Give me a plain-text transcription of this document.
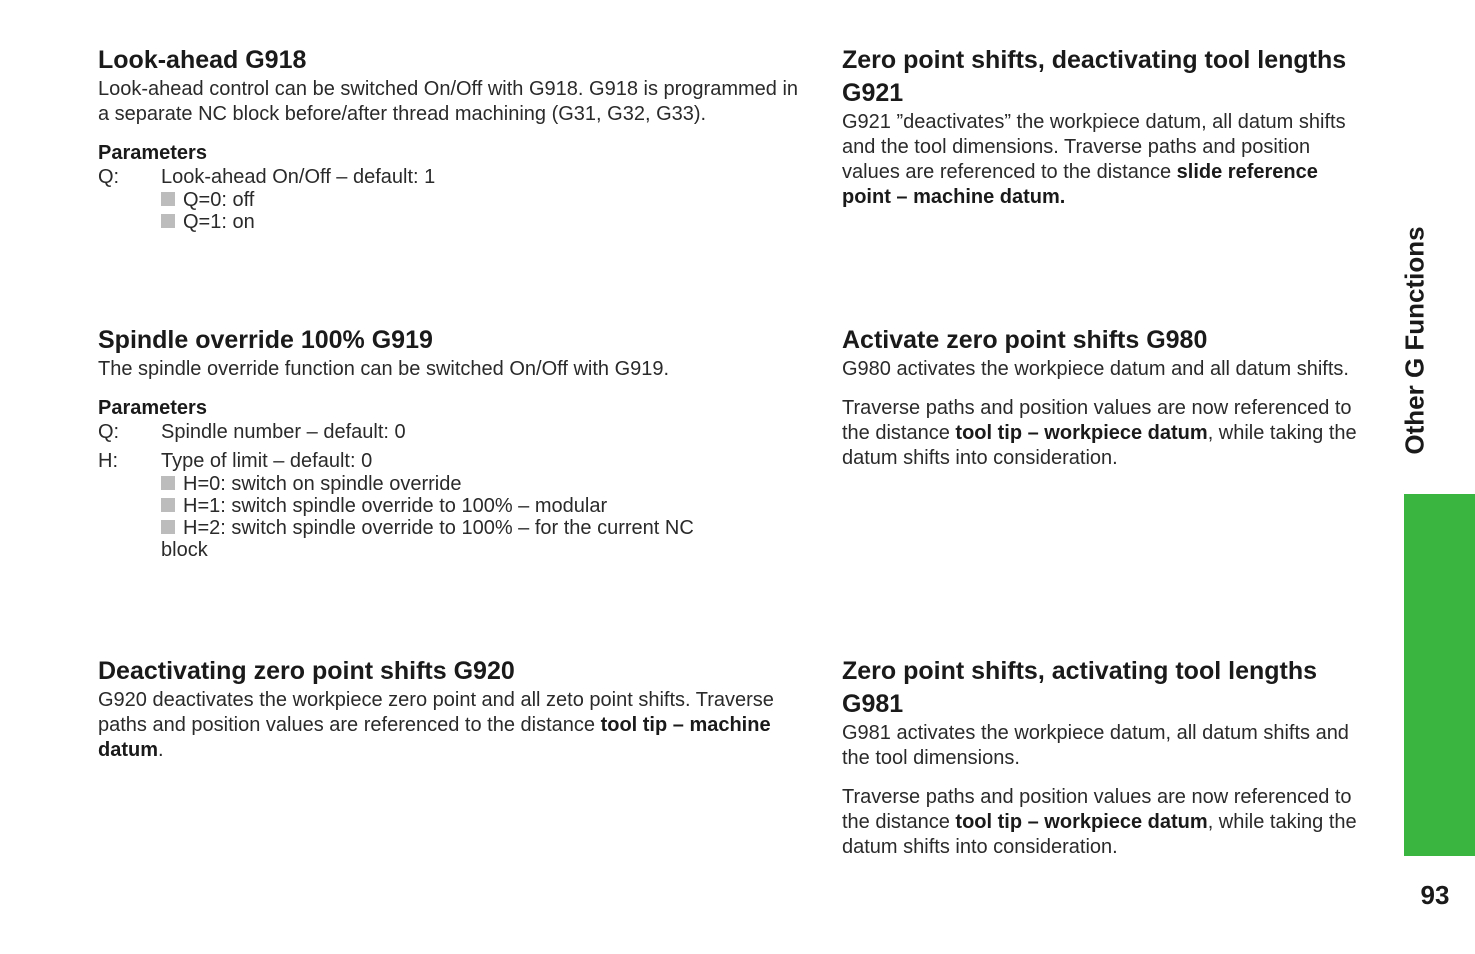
Look-ahead G918

Look-ahead control can be switched On/Off with G918. G918 is programmed in a separate NC block before/after thread machining (G31, G32, G33).

Parameters
Q:	Look-ahead On/Off – default: 1
Q=0: off
Q=1: on
Spindle override 100% G919

The spindle override function can be switched On/Off with G919.

Parameters
Q:	Spindle number – default: 0
H:	Type of limit – default: 0
H=0: switch on spindle override
H=1: switch spindle override to 100% – modular
H=2: switch spindle override to 100% – for the current NC
block
Deactivating zero point shifts G920

G920 deactivates the workpiece zero point and all zeto point shifts. Traverse paths and position values are referenced to the distance tool tip – machine datum.

Zero point shifts, deactivating tool lengths G921

G921 ”deactivates” the workpiece datum, all datum shifts and the tool dimensions. Traverse paths and position values are referenced to the distance slide reference point – machine datum.

Activate zero point shifts G980

G980 activates the workpiece datum and all datum shifts.

Traverse paths and position values are now referenced to the distance tool tip – workpiece datum, while taking the datum shifts into consideration.

Zero point shifts, activating tool lengths G981

G981 activates the workpiece datum, all datum shifts and the tool dimensions.

Traverse paths and position values are now referenced to the distance tool tip – workpiece datum, while taking the datum shifts into consideration.

Other G Functions
93
